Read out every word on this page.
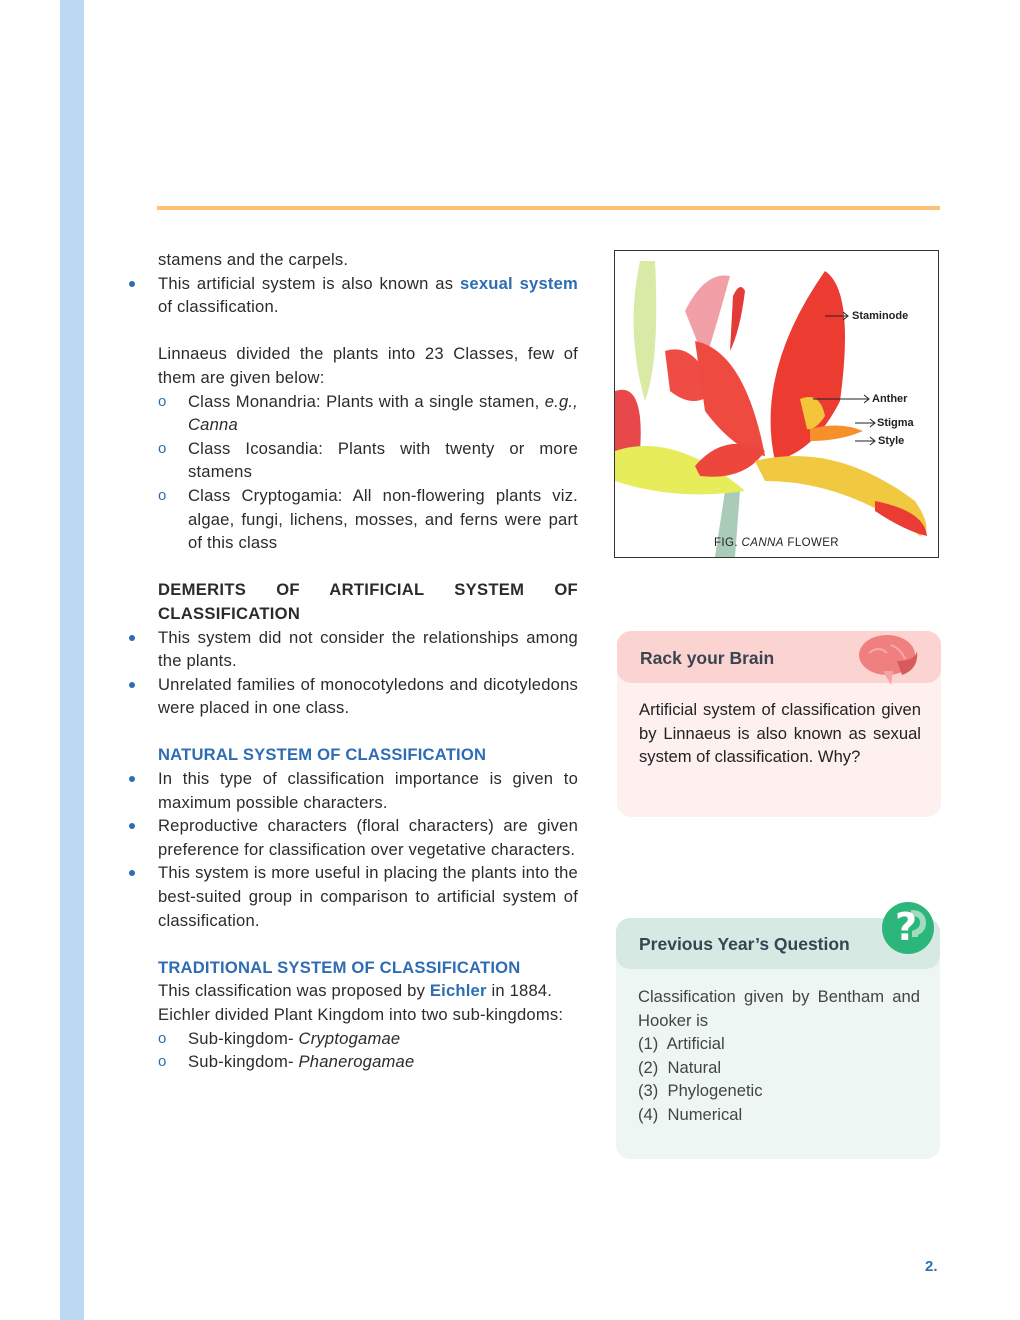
stamens and the carpels.

This artificial system is also known as sexual system of classification.

Linnaeus divided the plants into 23 Classes, few of them are given below:

o Class Monandria: Plants with a single stamen, e.g., Canna

o Class Icosandia: Plants with twenty or more stamens

o Class Cryptogamia: All non-flowering plants viz. algae, fungi, lichens, mosses, and ferns were part of this class

DEMERITS OF ARTIFICIAL SYSTEM OF CLASSIFICATION

This system did not consider the relationships among the plants.

Unrelated families of monocotyledons and dicotyledons were placed in one class.

NATURAL SYSTEM OF CLASSIFICATION

In this type of classification importance is given to maximum possible characters.

Reproductive characters (floral characters) are given preference for classification over vegetative characters.

This system is more useful in placing the plants into the best-suited group in comparison to artificial system of classification.

TRADITIONAL SYSTEM OF CLASSIFICATION

This classification was proposed by Eichler in 1884.

Eichler divided Plant Kingdom into two sub-kingdoms:

o Sub-kingdom- Cryptogamae

o Sub-kingdom- Phanerogamae

Staminode
Anther
Stigma
Style
FIG. CANNA FLOWER
Rack your Brain
Artificial system of classification given by Linnaeus is also known as sexual system of classification. Why?
Previous Year’s Question ?
Classification given by Bentham and Hooker is
(1) Artificial
(2) Natural
(3) Phylogenetic
(4) Numerical
2.
